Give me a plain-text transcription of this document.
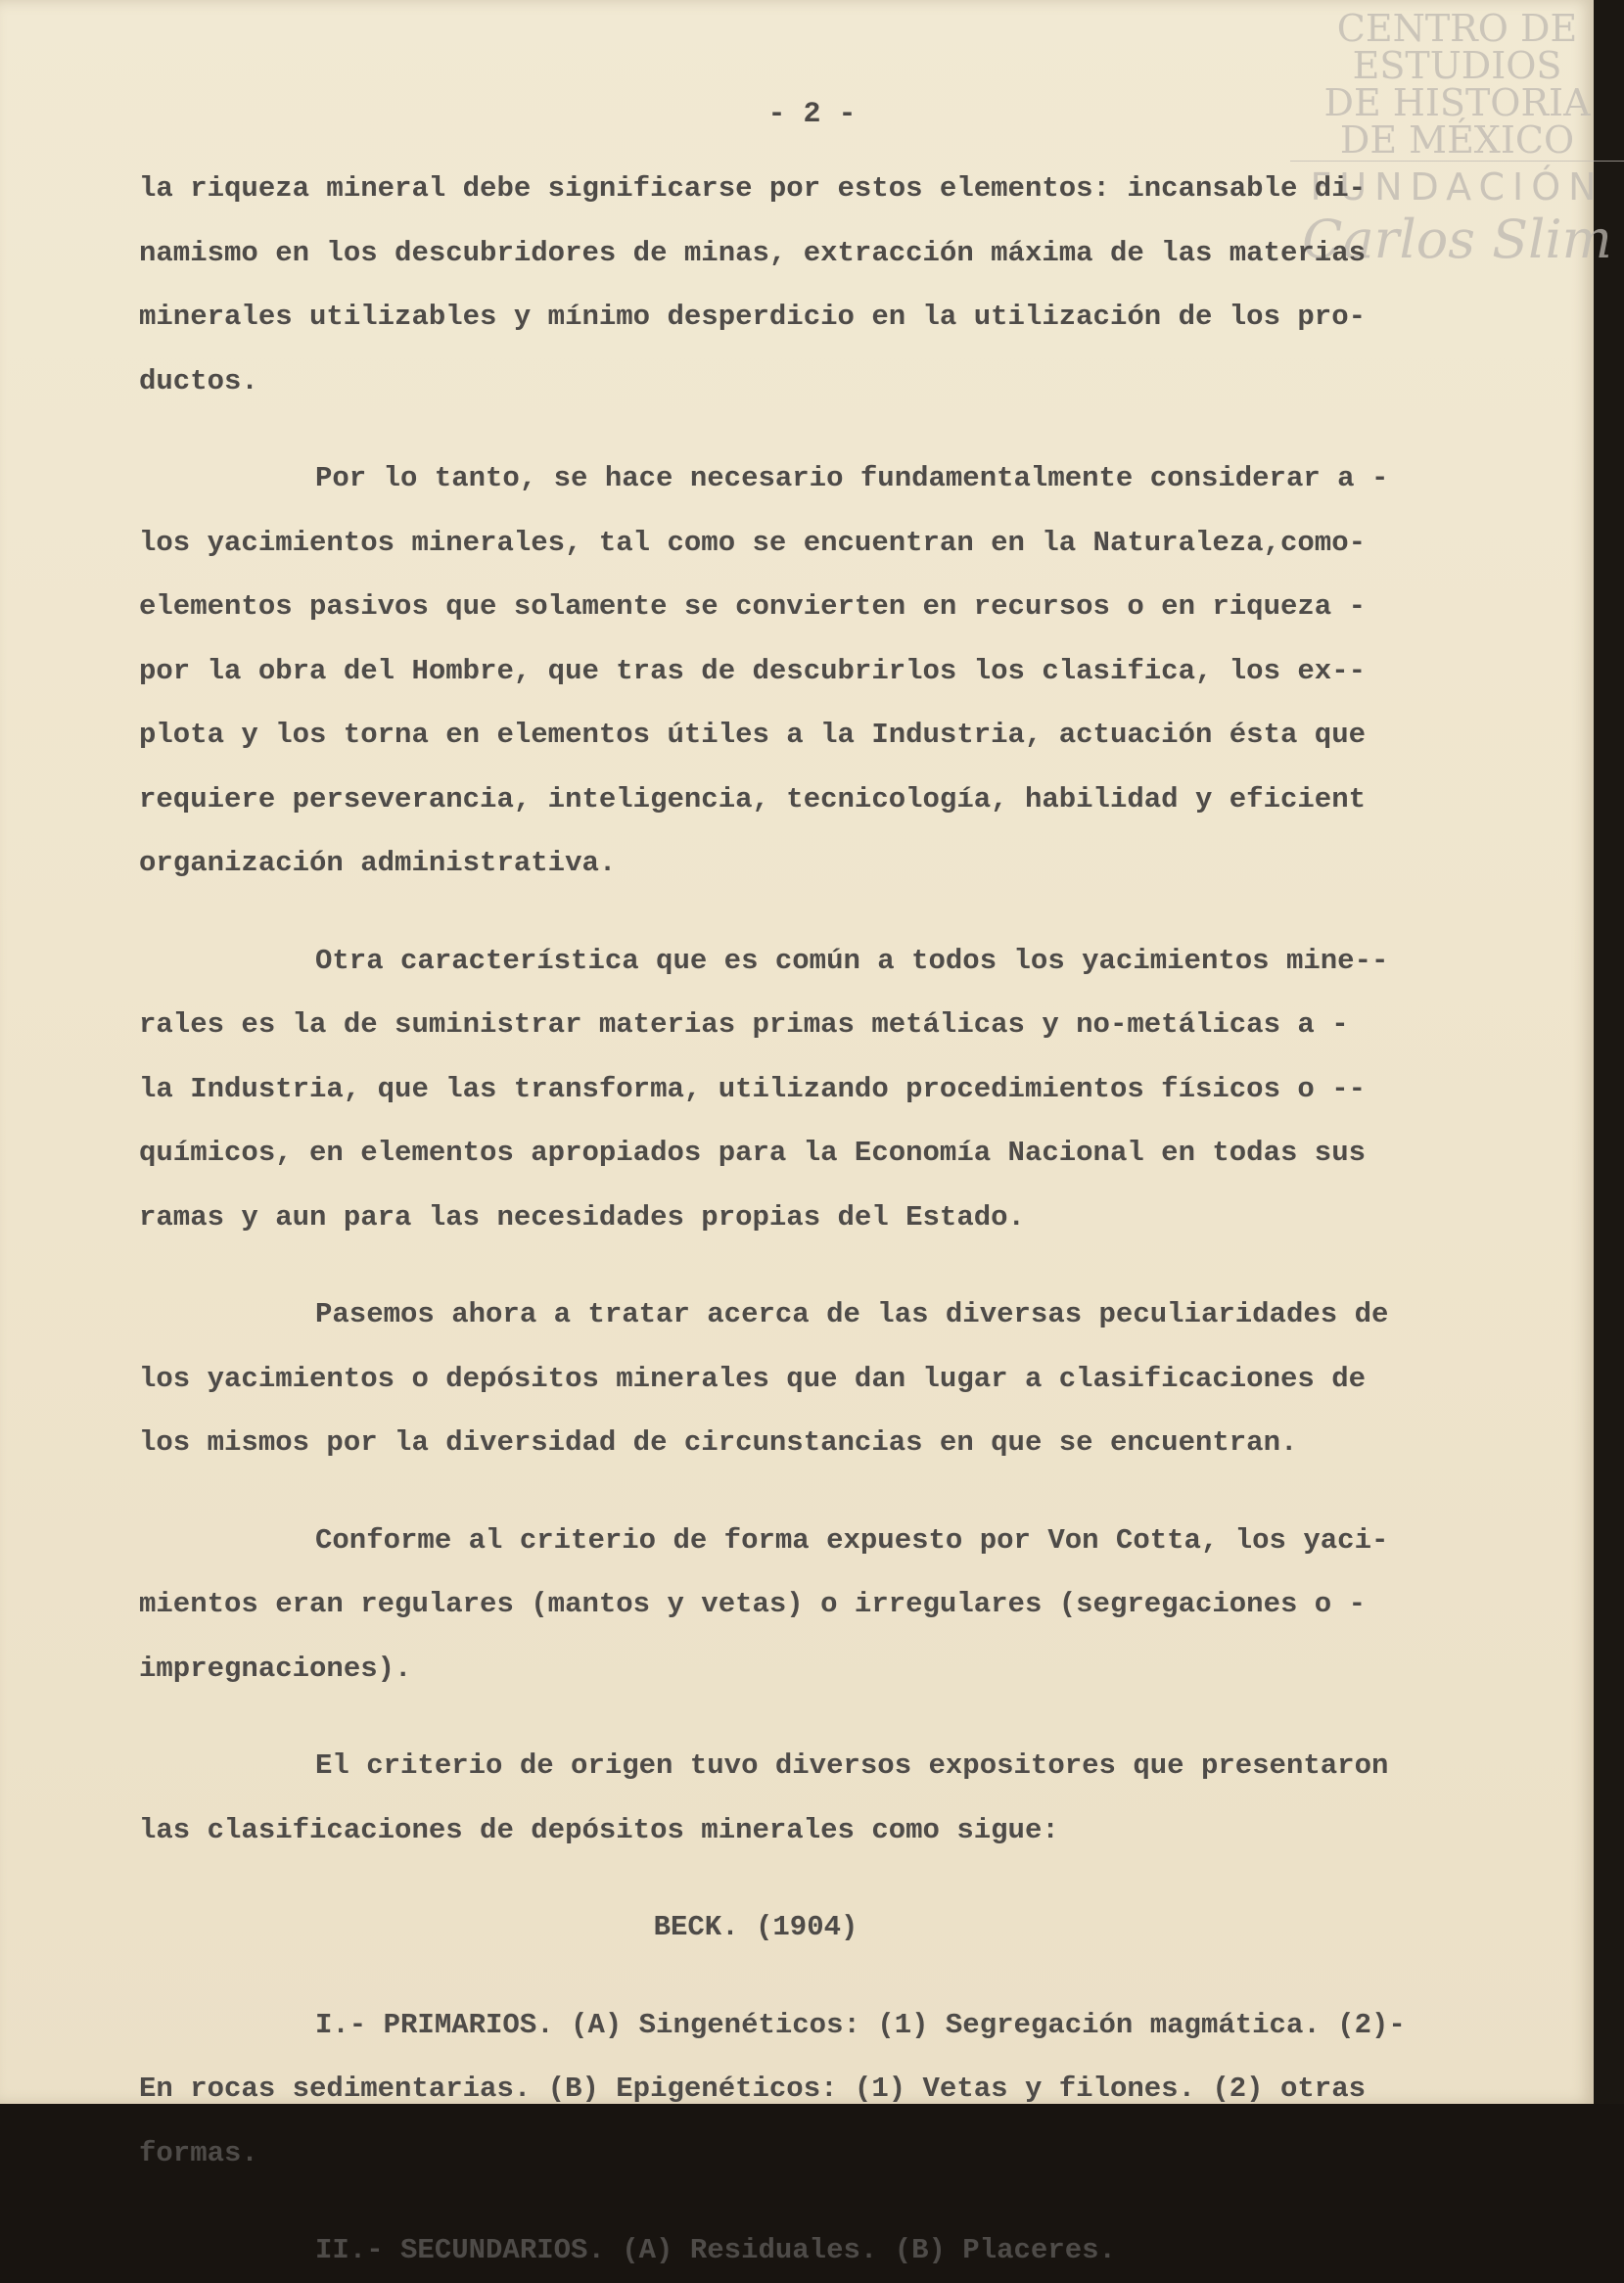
CENTRO DE
ESTUDIOS
DE HISTORIA
DE MÉXICO
FUNDACIÓN
Carlos Slim
- 2 -
la riqueza mineral debe significarse por estos elementos: incansable di-
namismo en los descubridores de minas, extracción máxima de las materias
minerales utilizables y mínimo desperdicio en la utilización de los pro-
ductos.
Por lo tanto, se hace necesario fundamentalmente considerar a -
los yacimientos minerales, tal como se encuentran en la Naturaleza,como-
elementos pasivos que solamente se convierten en recursos o en riqueza -
por la obra del Hombre, que tras de descubrirlos los clasifica, los ex--
plota y los torna en elementos útiles a la Industria, actuación ésta que
requiere perseverancia, inteligencia, tecnicología, habilidad y eficient
organización administrativa.
Otra característica que es común a todos los yacimientos mine--
rales es la de suministrar materias primas metálicas y no-metálicas a -
la Industria, que las transforma, utilizando procedimientos físicos o --
químicos, en elementos apropiados para la Economía Nacional en todas sus
ramas y aun para las necesidades propias del Estado.
Pasemos ahora a tratar acerca de las diversas peculiaridades de
los yacimientos o depósitos minerales que dan lugar a clasificaciones de
los mismos por la diversidad de circunstancias en que se encuentran.
Conforme al criterio de forma expuesto por Von Cotta, los yaci-
mientos eran regulares (mantos y vetas) o irregulares (segregaciones o -
impregnaciones).
El criterio de origen tuvo diversos expositores que presentaron
las clasificaciones de depósitos minerales como sigue:
BECK. (1904)
I.- PRIMARIOS. (A) Singenéticos: (1) Segregación magmática. (2)-
En rocas sedimentarias. (B) Epigenéticos: (1) Vetas y filones. (2) otras
formas.
II.- SECUNDARIOS. (A) Residuales. (B) Placeres.
